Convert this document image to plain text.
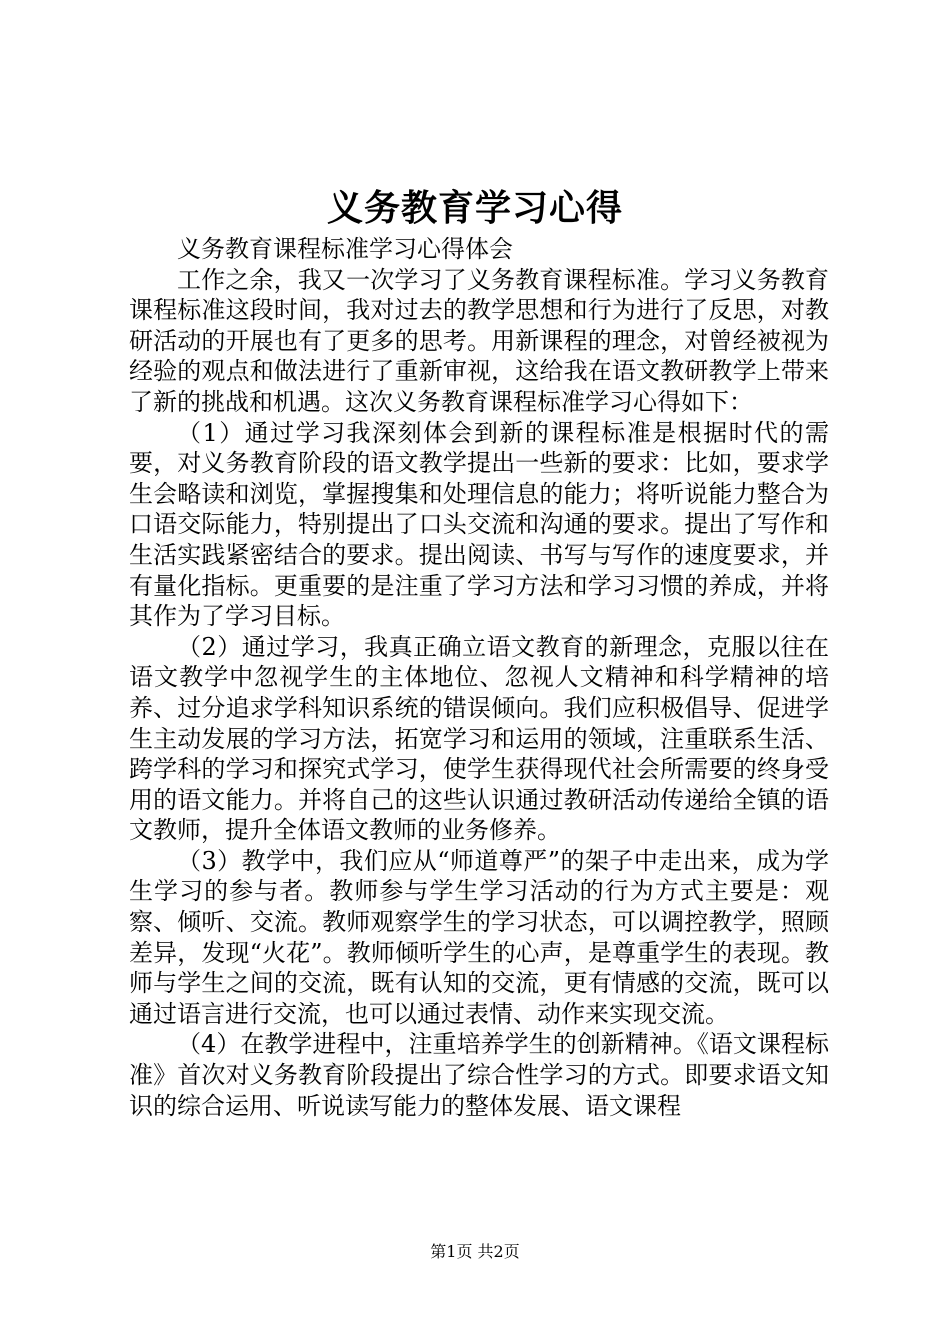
义务教育学习心得

义务教育课程标准学习心得体会

工作之余，我又一次学习了义务教育课程标准。学习义务教育课程标准这段时间，我对过去的教学思想和行为进行了反思，对教研活动的开展也有了更多的思考。用新课程的理念，对曾经被视为经验的观点和做法进行了重新审视，这给我在语文教研教学上带来了新的挑战和机遇。这次义务教育课程标准学习心得如下：

（1）通过学习我深刻体会到新的课程标准是根据时代的需要，对义务教育阶段的语文教学提出一些新的要求：比如，要求学生会略读和浏览，掌握搜集和处理信息的能力；将听说能力整合为口语交际能力，特别提出了口头交流和沟通的要求。提出了写作和生活实践紧密结合的要求。提出阅读、书写与写作的速度要求，并有量化指标。更重要的是注重了学习方法和学习习惯的养成，并将其作为了学习目标。

（2）通过学习，我真正确立语文教育的新理念，克服以往在语文教学中忽视学生的主体地位、忽视人文精神和科学精神的培养、过分追求学科知识系统的错误倾向。我们应积极倡导、促进学生主动发展的学习方法，拓宽学习和运用的领域，注重联系生活、跨学科的学习和探究式学习，使学生获得现代社会所需要的终身受用的语文能力。并将自己的这些认识通过教研活动传递给全镇的语文教师，提升全体语文教师的业务修养。

（3）教学中，我们应从“师道尊严”的架子中走出来，成为学生学习的参与者。教师参与学生学习活动的行为方式主要是：观察、倾听、交流。教师观察学生的学习状态，可以调控教学，照顾差异，发现“火花”。教师倾听学生的心声，是尊重学生的表现。教师与学生之间的交流，既有认知的交流，更有情感的交流，既可以通过语言进行交流，也可以通过表情、动作来实现交流。

（4）在教学进程中，注重培养学生的创新精神。《语文课程标准》首次对义务教育阶段提出了综合性学习的方式。即要求语文知识的综合运用、听说读写能力的整体发展、语文课程

第1页 共2页
